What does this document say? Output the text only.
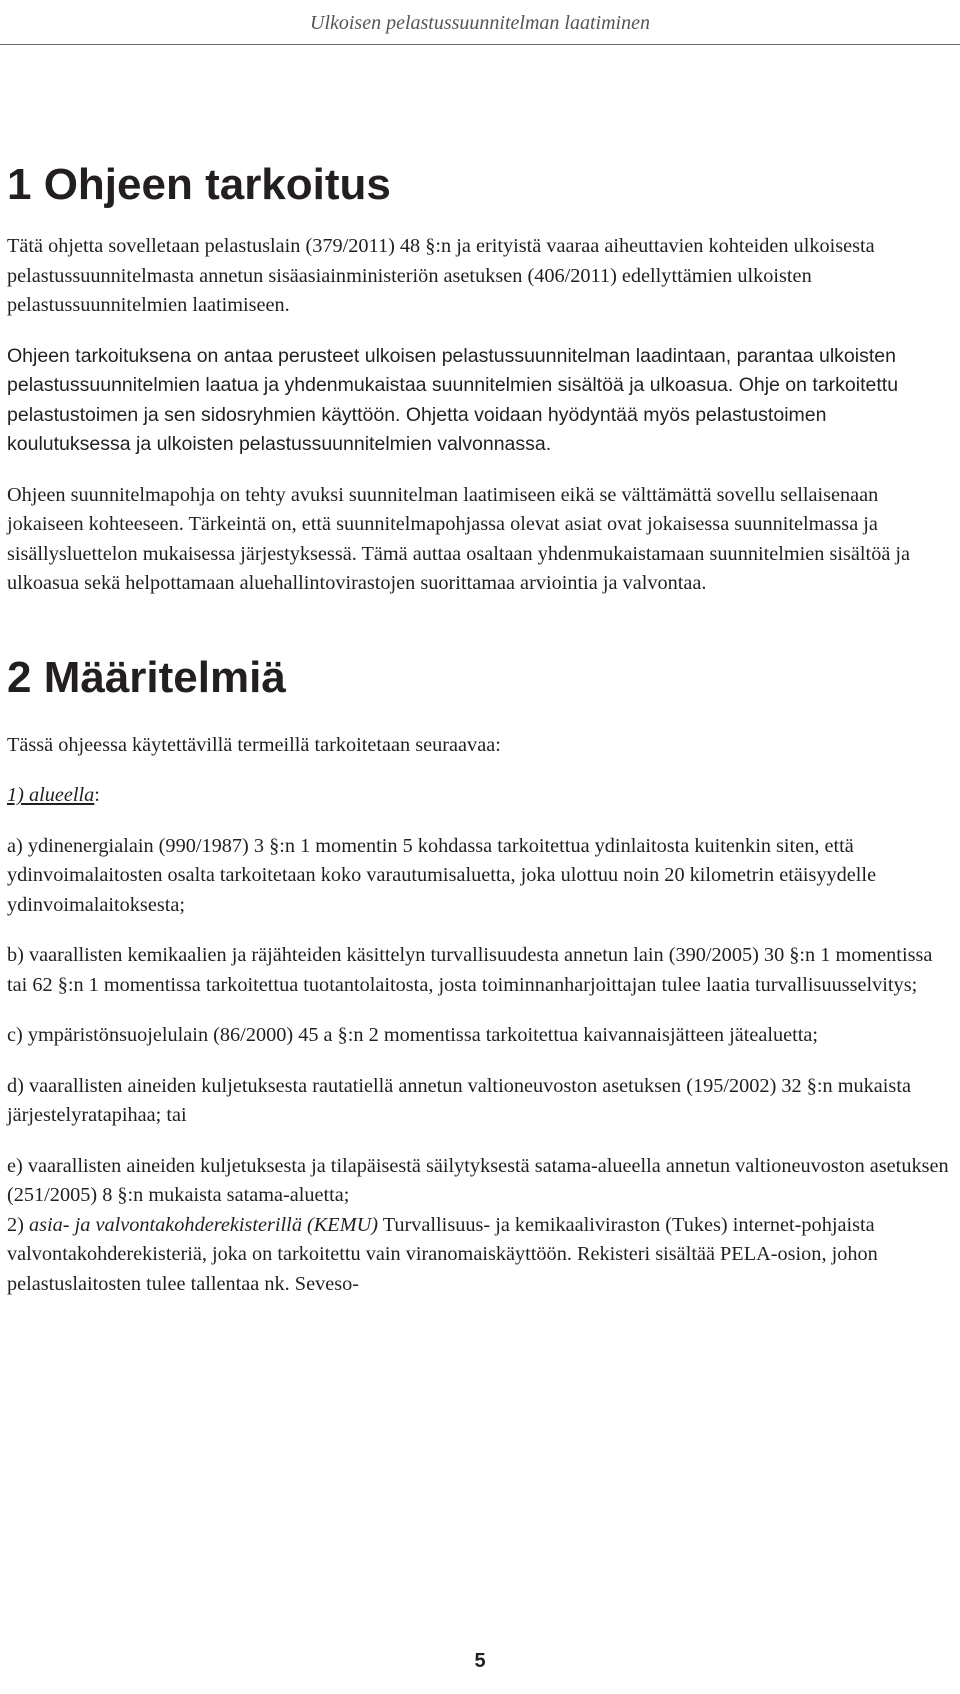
Ulkoisen pelastussuunnitelman laatiminen
1 Ohjeen tarkoitus

Tätä ohjetta sovelletaan pelastuslain (379/2011) 48 §:n ja erityistä vaaraa aiheuttavien kohteiden ulkoisesta pelastussuunnitelmasta annetun sisäasiainministeriön asetuksen (406/2011) edellyttämien ulkoisten pelastussuunnitelmien laatimiseen.

Ohjeen tarkoituksena on antaa perusteet ulkoisen pelastussuunnitelman laadintaan, parantaa ulkoisten pelastussuunnitelmien laatua ja yhdenmukaistaa suunnitelmien sisältöä ja ulkoasua. Ohje on tarkoitettu pelastustoimen ja sen sidosryhmien käyttöön. Ohjetta voidaan hyödyntää myös pelastustoimen koulutuksessa ja ulkoisten pelastussuunnitelmien valvonnassa.

Ohjeen suunnitelmapohja on tehty avuksi suunnitelman laatimiseen eikä se välttämättä sovellu sellaisenaan jokaiseen kohteeseen. Tärkeintä on, että suunnitelmapohjassa olevat asiat ovat jokaisessa suunnitelmassa ja sisällysluettelon mukaisessa järjestyksessä. Tämä auttaa osaltaan yhdenmukaistamaan suunnitelmien sisältöä ja ulkoasua sekä helpottamaan aluehallintovirastojen suorittamaa arviointia ja valvontaa.

2 Määritelmiä

Tässä ohjeessa käytettävillä termeillä tarkoitetaan seuraavaa:

1) alueella:

a) ydinenergialain (990/1987) 3 §:n 1 momentin 5 kohdassa tarkoitettua ydinlaitosta kuitenkin siten, että ydinvoimalaitosten osalta tarkoitetaan koko varautumisaluetta, joka ulottuu noin 20 kilometrin etäisyydelle ydinvoimalaitoksesta;

b) vaarallisten kemikaalien ja räjähteiden käsittelyn turvallisuudesta annetun lain (390/2005) 30 §:n 1 momentissa tai 62 §:n 1 momentissa tarkoitettua tuotantolaitosta, josta toiminnanharjoittajan tulee laatia turvallisuusselvitys;

c) ympäristönsuojelulain (86/2000) 45 a §:n 2 momentissa tarkoitettua kaivannaisjätteen jätealuetta;

d) vaarallisten aineiden kuljetuksesta rautatiellä annetun valtioneuvoston asetuksen (195/2002) 32 §:n mukaista järjestelyratapihaa; tai

e) vaarallisten aineiden kuljetuksesta ja tilapäisestä säilytyksestä satama-alueella annetun valtioneuvoston asetuksen (251/2005) 8 §:n mukaista satama-aluetta;

2) asia- ja valvontakohderekisterillä (KEMU) Turvallisuus- ja kemikaaliviraston (Tukes) internet-pohjaista valvontakohderekisteriä, joka on tarkoitettu vain viranomaiskäyttöön. Rekisteri sisältää PELA-osion, johon pelastuslaitosten tulee tallentaa nk. Seveso-

5
